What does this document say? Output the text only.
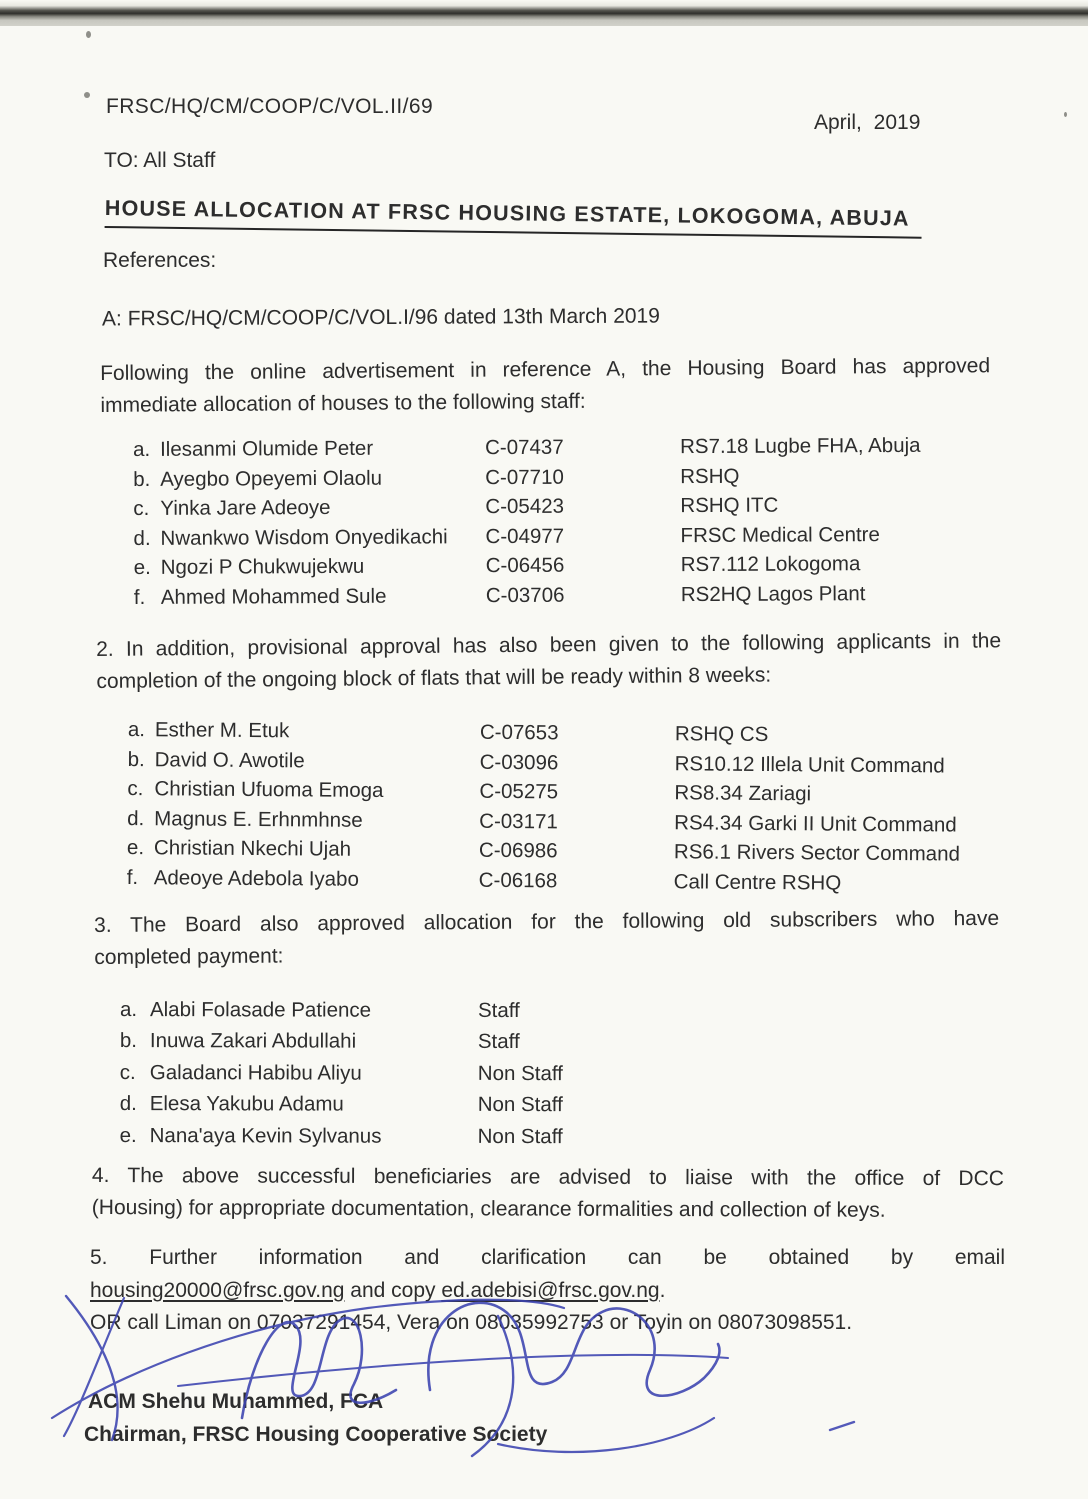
FRSC/HQ/CM/COOP/C/VOL.II/69
April, 2019
TO: All Staff
HOUSE ALLOCATION AT FRSC HOUSING ESTATE, LOKOGOMA, ABUJA
References:
A: FRSC/HQ/CM/COOP/C/VOL.I/96 dated 13th March 2019
Following the online advertisement in reference A, the Housing Board has approved
immediate allocation of houses to the following staff:
a. Ilesanmi Olumide Peter	C-07437	RS7.18 Lugbe FHA, Abuja
b. Ayegbo Opeyemi Olaolu	C-07710	RSHQ
c. Yinka Jare Adeoye	C-05423	RSHQ ITC
d. Nwankwo Wisdom Onyedikachi	C-04977	FRSC Medical Centre
e. Ngozi P Chukwujekwu	C-06456	RS7.112 Lokogoma
f. Ahmed Mohammed Sule	C-03706	RS2HQ Lagos Plant
2. In addition, provisional approval has also been given to the following applicants in the
completion of the ongoing block of flats that will be ready within 8 weeks:
a. Esther M. Etuk	C-07653	RSHQ CS
b. David O. Awotile	C-03096	RS10.12 Illela Unit Command
c. Christian Ufuoma Emoga	C-05275	RS8.34 Zariagi
d. Magnus E. Erhnmhnse	C-03171	RS4.34 Garki II Unit Command
e. Christian Nkechi Ujah	C-06986	RS6.1 Rivers Sector Command
f. Adeoye Adebola Iyabo	C-06168	Call Centre RSHQ
3. The Board also approved allocation for the following old subscribers who have
completed payment:
a. Alabi Folasade Patience	Staff
b. Inuwa Zakari Abdullahi	Staff
c. Galadanci Habibu Aliyu	Non Staff
d. Elesa Yakubu Adamu	Non Staff
e. Nana'aya Kevin Sylvanus	Non Staff
4. The above successful beneficiaries are advised to liaise with the office of DCC
(Housing) for appropriate documentation, clearance formalities and collection of keys.
5. Further information and clarification can be obtained by email
housing20000@frsc.gov.ng and copy ed.adebisi@frsc.gov.ng.
OR call Liman on 07037291454, Vera on 08035992753 or Toyin on 08073098551.
ACM Shehu Muhammed, FCA
Chairman, FRSC Housing Cooperative Society
